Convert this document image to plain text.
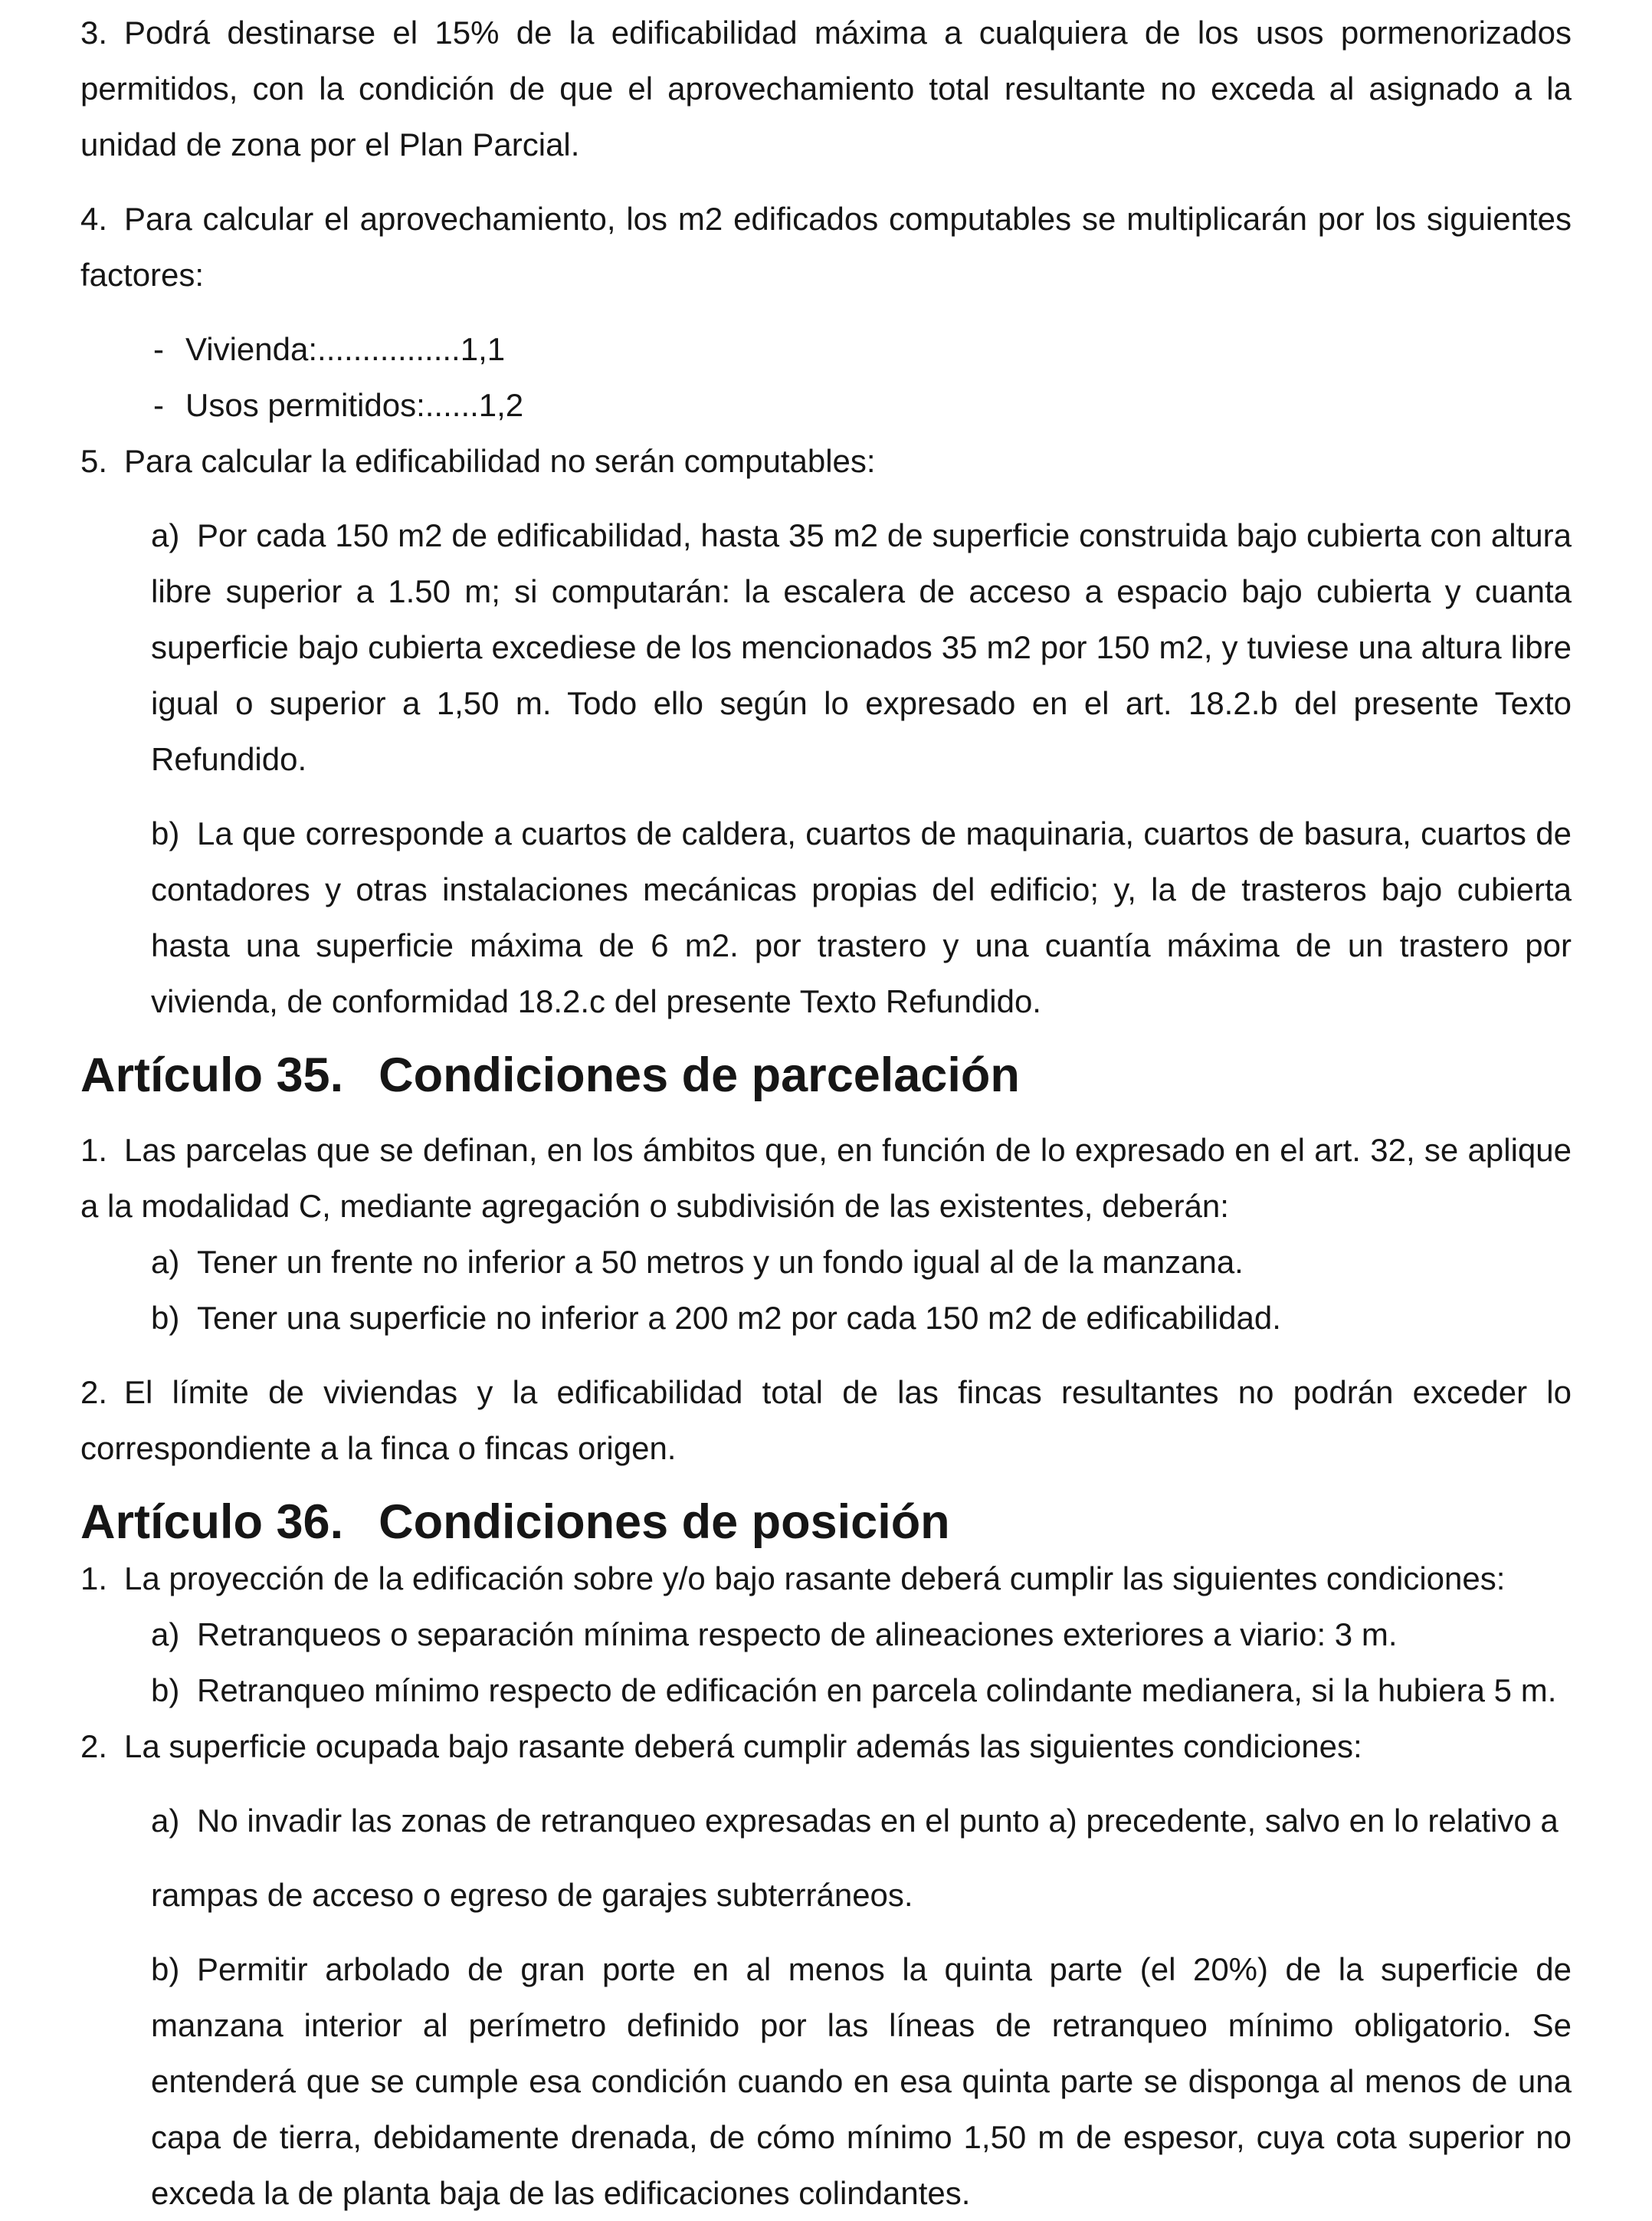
3. Podrá destinarse el 15% de la edificabilidad máxima a cualquiera de los usos pormenorizados permitidos, con la condición de que el aprovechamiento total resultante no exceda al asignado a la unidad de zona por el Plan Parcial.

4. Para calcular el aprovechamiento, los m2 edificados computables se multiplicarán por los siguientes factores:

- Vivienda:................1,1

- Usos permitidos:......1,2

5. Para calcular la edificabilidad no serán computables:

a) Por cada 150 m2 de edificabilidad, hasta 35 m2 de superficie construida bajo cubierta con altura libre superior a 1.50 m; si computarán: la escalera de acceso a espacio bajo cubierta y cuanta superficie bajo cubierta excediese de los mencionados 35 m2 por 150 m2, y tuviese una altura libre igual o superior a 1,50 m. Todo ello según lo expresado en el art. 18.2.b del presente Texto Refundido.

b) La que corresponde a cuartos de caldera, cuartos de maquinaria, cuartos de basura, cuartos de contadores y otras instalaciones mecánicas propias del edificio; y, la de trasteros bajo cubierta hasta una superficie máxima de 6 m2. por trastero y una cuantía máxima de un trastero por vivienda, de conformidad 18.2.c del presente Texto Refundido.

Artículo 35. Condiciones de parcelación

1. Las parcelas que se definan, en los ámbitos que, en función de lo expresado en el art. 32, se aplique a la modalidad C, mediante agregación o subdivisión de las existentes, deberán:

a) Tener un frente no inferior a 50 metros y un fondo igual al de la manzana.

b) Tener una superficie no inferior a 200 m2 por cada 150 m2 de edificabilidad.

2. El límite de viviendas y la edificabilidad total de las fincas resultantes no podrán exceder lo correspondiente a la finca o fincas origen.

Artículo 36. Condiciones de posición

1. La proyección de la edificación sobre y/o bajo rasante deberá cumplir las siguientes condiciones:

a) Retranqueos o separación mínima respecto de alineaciones exteriores a viario: 3 m.

b) Retranqueo mínimo respecto de edificación en parcela colindante medianera, si la hubiera 5 m.

2. La superficie ocupada bajo rasante deberá cumplir además las siguientes condiciones:

a) No invadir las zonas de retranqueo expresadas en el punto a) precedente, salvo en lo relativo a

rampas de acceso o egreso de garajes subterráneos.

b) Permitir arbolado de gran porte en al menos la quinta parte (el 20%) de la superficie de manzana interior al perímetro definido por las líneas de retranqueo mínimo obligatorio. Se entenderá que se cumple esa condición cuando en esa quinta parte se disponga al menos de una capa de tierra, debidamente drenada, de cómo mínimo 1,50 m de espesor, cuya cota superior no exceda la de planta baja de las edificaciones colindantes.
